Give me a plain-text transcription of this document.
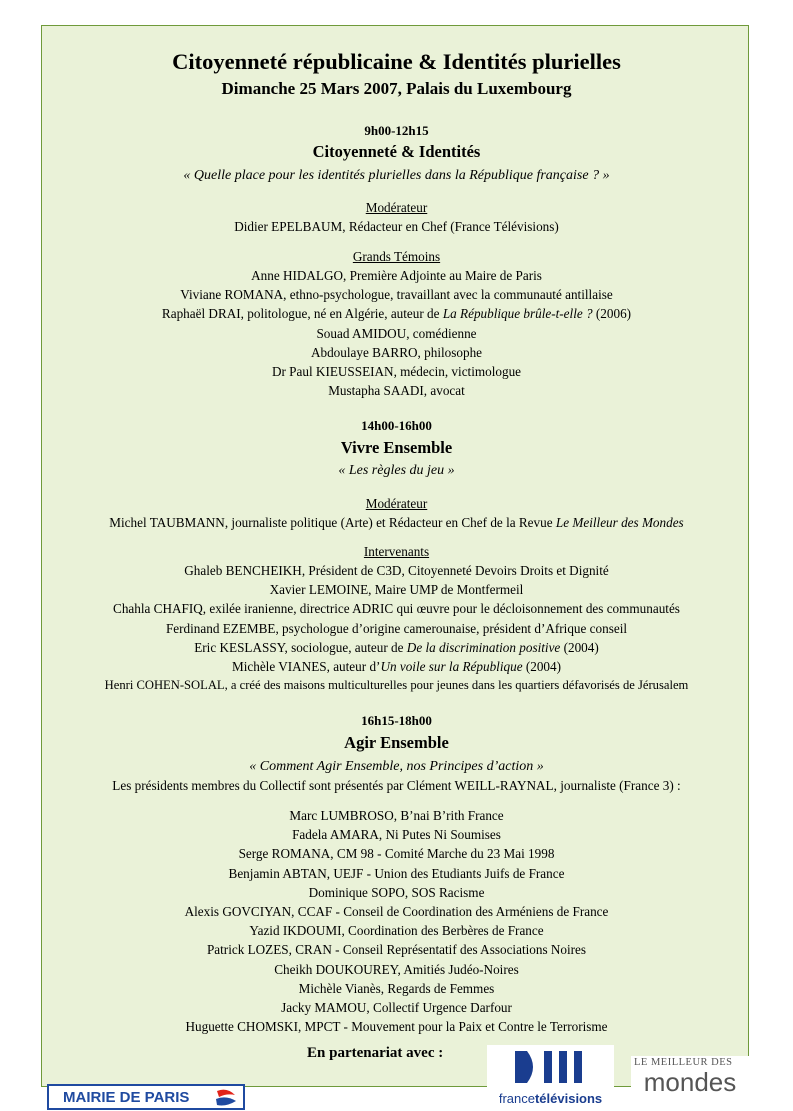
Citoyenneté républicaine & Identités plurielles
Dimanche 25 Mars 2007, Palais du Luxembourg
9h00-12h15
Citoyenneté & Identités
« Quelle place pour les identités plurielles dans la République française ? »
Modérateur
Didier EPELBAUM, Rédacteur en Chef (France Télévisions)
Grands Témoins
Anne HIDALGO, Première Adjointe au Maire de Paris
Viviane ROMANA, ethno-psychologue, travaillant avec la communauté antillaise
Raphaël DRAI, politologue, né en Algérie, auteur de La République brûle-t-elle ? (2006)
Souad AMIDOU, comédienne
Abdoulaye BARRO, philosophe
Dr Paul KIEUSSEIAN, médecin, victimologue
Mustapha SAADI, avocat
14h00-16h00
Vivre Ensemble
« Les règles du jeu »
Modérateur
Michel TAUBMANN, journaliste politique (Arte) et Rédacteur en Chef de la Revue Le Meilleur des Mondes
Intervenants
Ghaleb BENCHEIKH, Président de C3D, Citoyenneté Devoirs Droits et Dignité
Xavier LEMOINE, Maire UMP de Montfermeil
Chahla CHAFIQ, exilée iranienne, directrice ADRIC qui œuvre pour le décloisonnement des communautés
Ferdinand EZEMBE, psychologue d’origine camerounaise, président d’Afrique conseil
Eric KESLASSY, sociologue, auteur de De la discrimination positive (2004)
Michèle VIANES, auteur d’Un voile sur la République (2004)
Henri COHEN-SOLAL, a créé des maisons multiculturelles pour jeunes dans les quartiers défavorisés de Jérusalem
16h15-18h00
Agir Ensemble
« Comment Agir Ensemble, nos Principes d’action »
Les présidents membres du Collectif sont présentés par Clément WEILL-RAYNAL, journaliste (France 3) :
Marc LUMBROSO, B’nai B’rith France
Fadela AMARA, Ni Putes Ni Soumises
Serge ROMANA, CM 98 - Comité Marche du 23 Mai 1998
Benjamin ABTAN, UEJF - Union des Etudiants Juifs de France
Dominique SOPO, SOS Racisme
Alexis GOVCIYAN, CCAF - Conseil de Coordination des Arméniens de France
Yazid IKDOUMI, Coordination des Berbères de France
Patrick LOZES, CRAN - Conseil Représentatif des Associations Noires
Cheikh DOUKOUREY, Amitiés Judéo-Noires
Michèle Vianès, Regards de Femmes
Jacky MAMOU, Collectif Urgence Darfour
Huguette CHOMSKI, MPCT - Mouvement pour la Paix et Contre le Terrorisme
En partenariat avec :
MAIRIE DE PARIS	francetélévisions
LE MEILLEUR DES
mondes
